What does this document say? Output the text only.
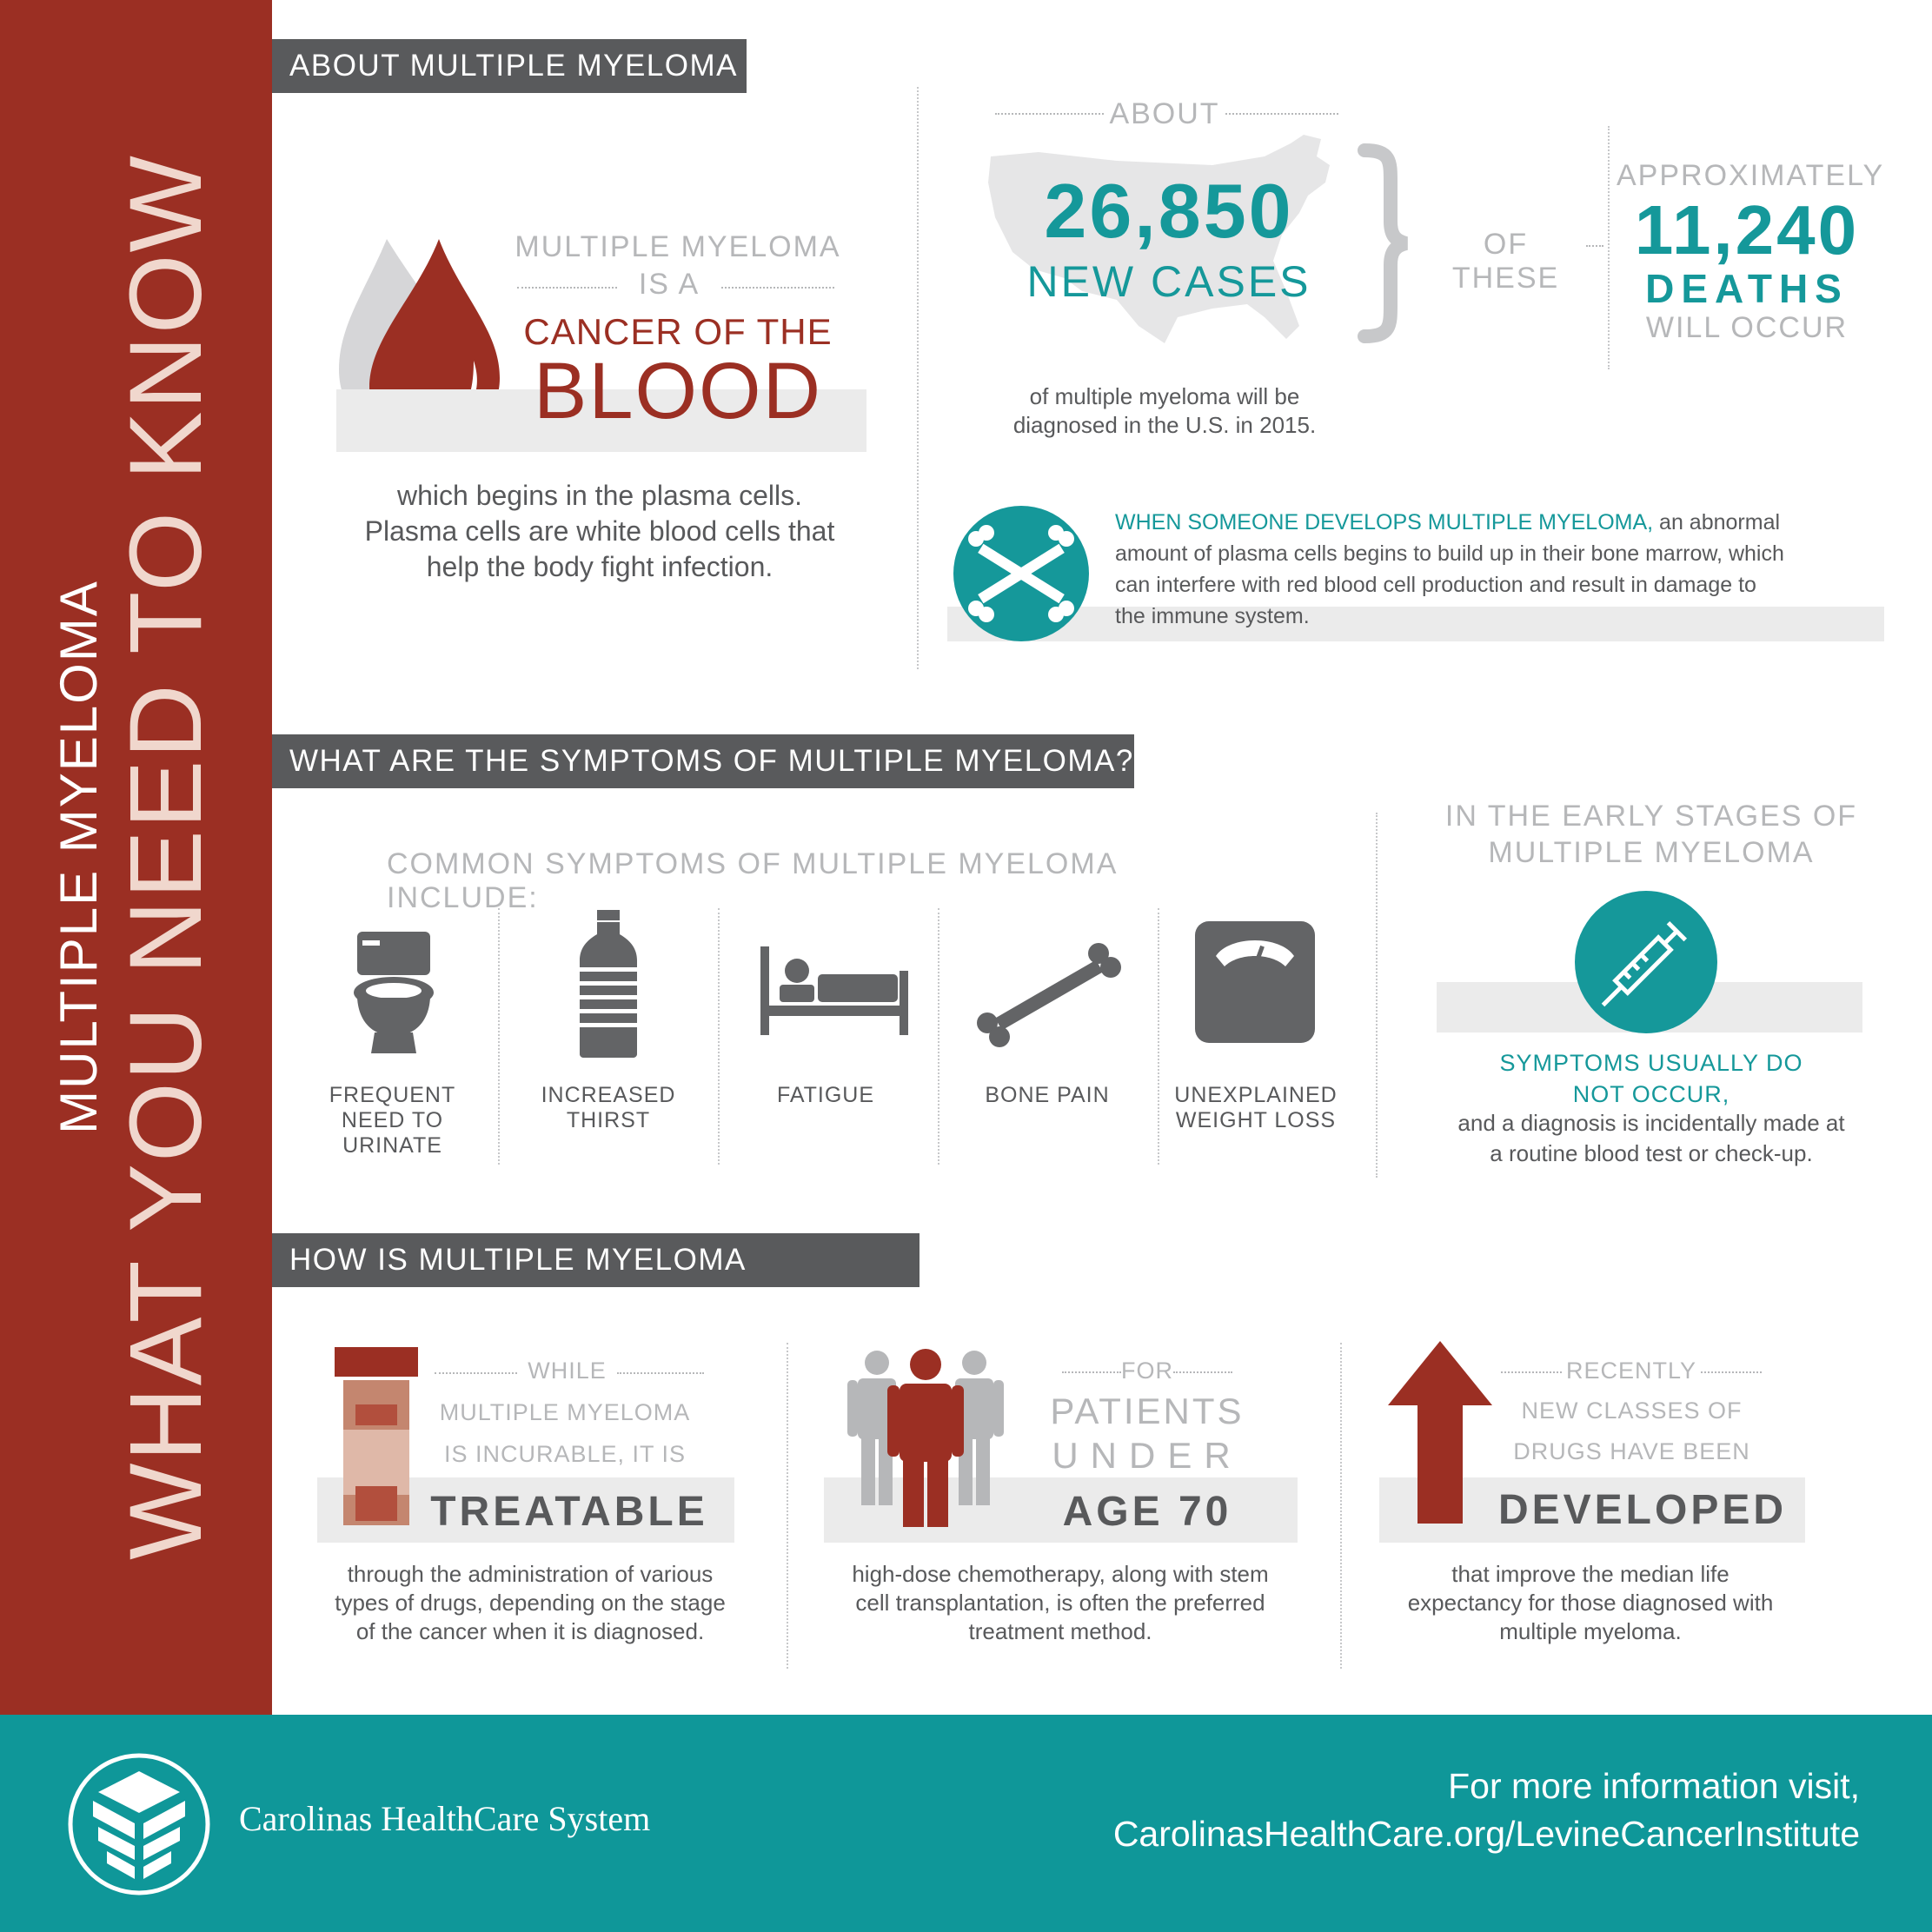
MULTIPLE MYELOMA WHAT YOU NEED TO KNOW
ABOUT MULTIPLE MYELOMA
MULTIPLE MYELOMA
IS A
CANCER OF THE
BLOOD
which begins in the plasma cells.
Plasma cells are white blood cells that
help the body fight infection.
ABOUT
26,850
NEW CASES
OF THESE
APPROXIMATELY
11,240
DEATHS
WILL OCCUR
of multiple myeloma will be
diagnosed in the U.S. in 2015.
WHEN SOMEONE DEVELOPS MULTIPLE MYELOMA, an abnormal
amount of plasma cells begins to build up in their bone marrow, which
can interfere with red blood cell production and result in damage to
the immune system.
WHAT ARE THE SYMPTOMS OF MULTIPLE MYELOMA?
COMMON SYMPTOMS OF MULTIPLE MYELOMA INCLUDE:
FREQUENT
NEED TO
URINATE
INCREASED
THIRST
FATIGUE	BONE PAIN	UNEXPLAINED
WEIGHT LOSS
IN THE EARLY STAGES OF
MULTIPLE MYELOMA
SYMPTOMS USUALLY DO
NOT OCCUR,
and a diagnosis is incidentally made at
a routine blood test or check-up.
HOW IS MULTIPLE MYELOMA TREATED?
WHILE
MULTIPLE MYELOMA
IS INCURABLE, IT IS
TREATABLE
through the administration of various
types of drugs, depending on the stage
of the cancer when it is diagnosed.
FOR
PATIENTS
UNDER
AGE 70
high-dose chemotherapy, along with stem
cell transplantation, is often the preferred
treatment method.
RECENTLY
NEW CLASSES OF
DRUGS HAVE BEEN
DEVELOPED
that improve the median life
expectancy for those diagnosed with
multiple myeloma.
Carolinas HealthCare System
For more information visit,
CarolinasHealthCare.org/LevineCancerInstitute
